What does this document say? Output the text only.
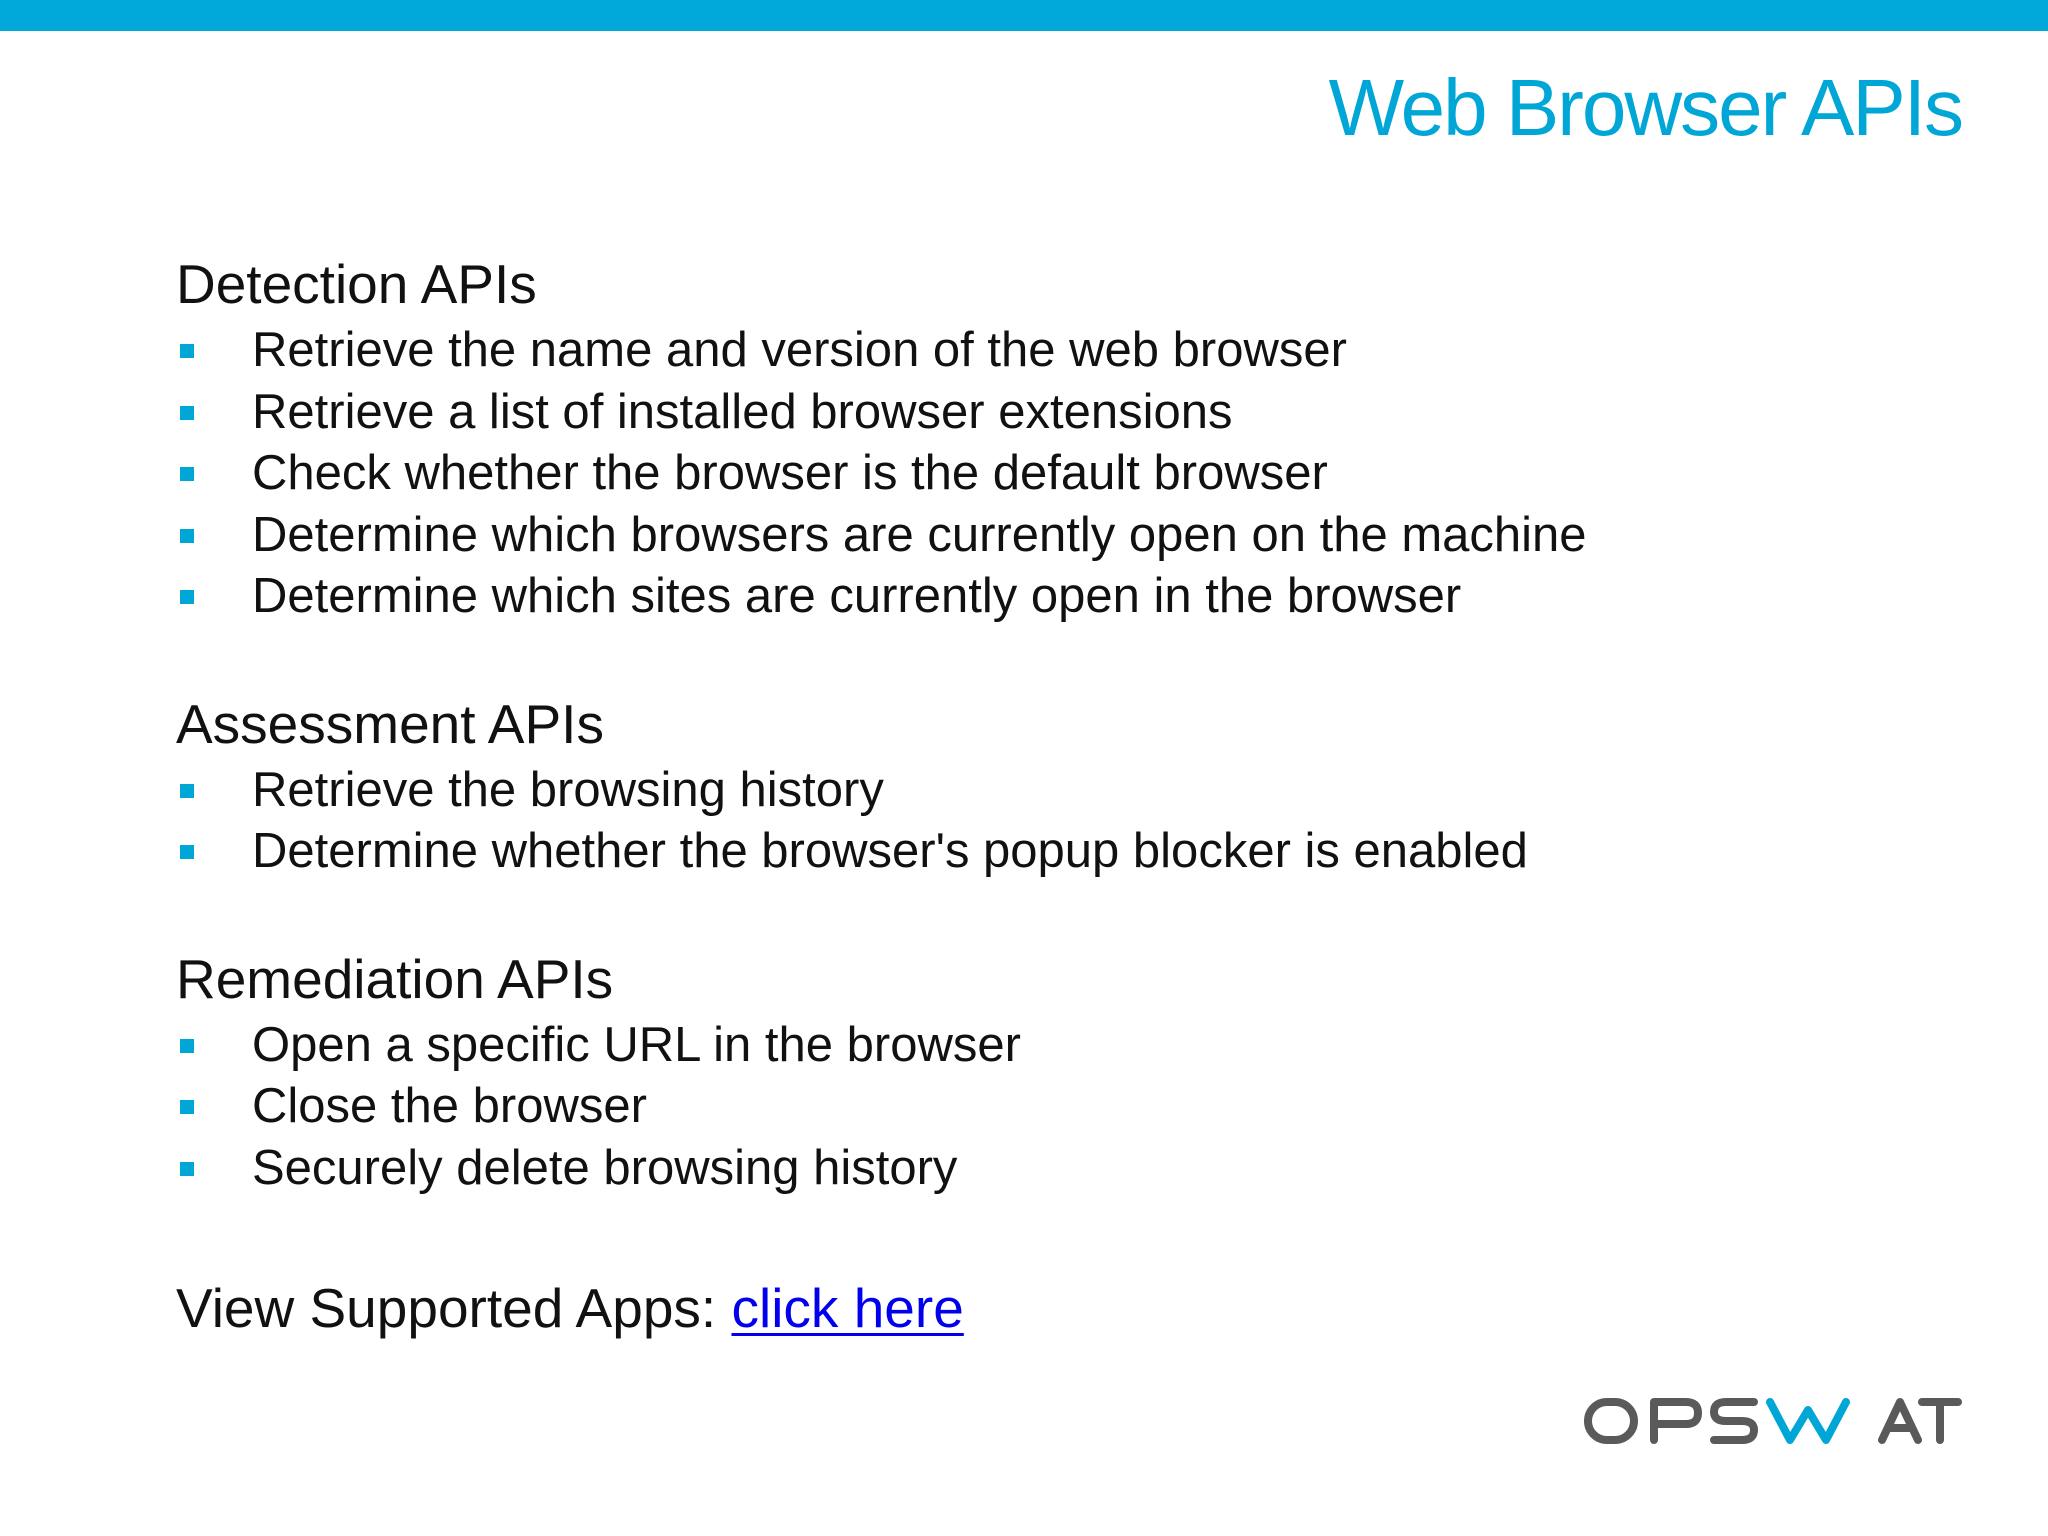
Web Browser APIs
Detection APIs
Retrieve the name and version of the web browser
Retrieve a list of installed browser extensions
Check whether the browser is the default browser
Determine which browsers are currently open on the machine
Determine which sites are currently open in the browser
Assessment APIs
Retrieve the browsing history
Determine whether the browser's popup blocker is enabled
Remediation APIs
Open a specific URL in the browser
Close the browser
Securely delete browsing history
View Supported Apps: click here
